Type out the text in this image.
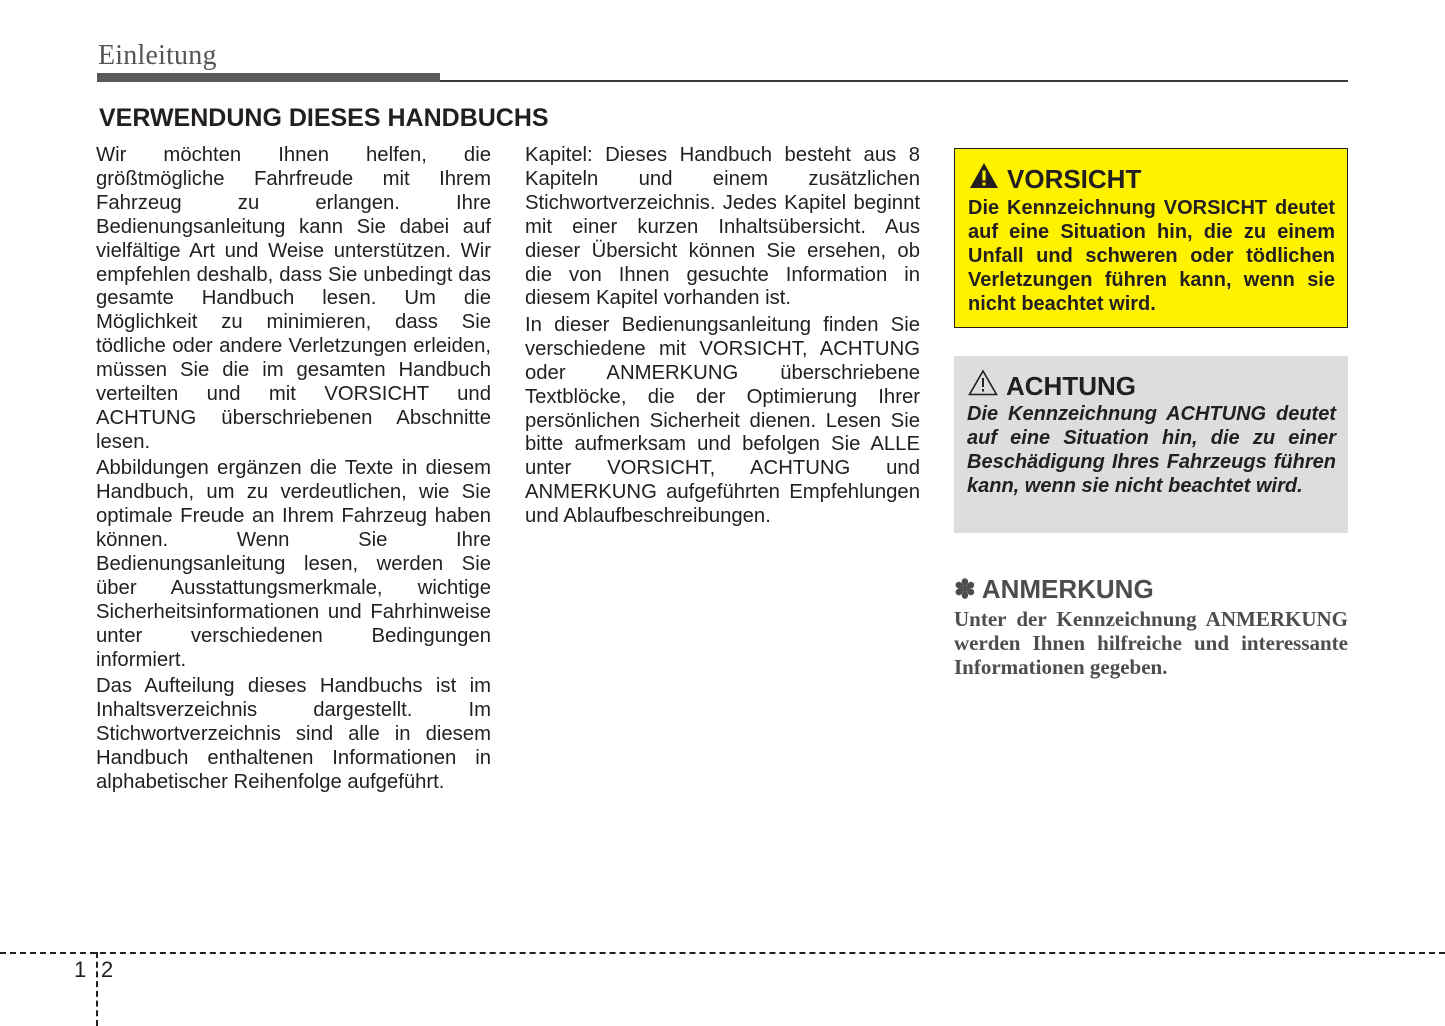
Einleitung
VERWENDUNG DIESES HANDBUCHS

Wir möchten Ihnen helfen, die größtmögliche Fahrfreude mit Ihrem Fahrzeug zu erlangen. Ihre Bedienungsanleitung kann Sie dabei auf vielfältige Art und Weise unterstützen. Wir empfehlen deshalb, dass Sie unbedingt das gesamte Handbuch lesen. Um die Möglichkeit zu minimieren, dass Sie tödliche oder andere Verletzungen erleiden, müssen Sie die im gesamten Handbuch verteilten und mit VORSICHT und ACHTUNG überschriebenen Abschnitte lesen.

Abbildungen ergänzen die Texte in diesem Handbuch, um zu verdeutlichen, wie Sie optimale Freude an Ihrem Fahrzeug haben können. Wenn Sie Ihre Bedienungsanleitung lesen, werden Sie über Ausstattungsmerkmale, wichtige Sicherheitsinformationen und Fahrhinweise unter verschiedenen Bedingungen informiert.

Das Aufteilung dieses Handbuchs ist im Inhaltsverzeichnis dargestellt. Im Stichwortverzeichnis sind alle in diesem Handbuch enthaltenen Informationen in alphabetischer Reihenfolge aufgeführt.

Kapitel: Dieses Handbuch besteht aus 8 Kapiteln und einem zusätzlichen Stichwortverzeichnis. Jedes Kapitel beginnt mit einer kurzen Inhaltsübersicht. Aus dieser Übersicht können Sie ersehen, ob die von Ihnen gesuchte Information in diesem Kapitel vorhanden ist.

In dieser Bedienungsanleitung finden Sie verschiedene mit VORSICHT, ACHTUNG oder ANMERKUNG überschriebene Textblöcke, die der Optimierung Ihrer persönlichen Sicherheit dienen. Lesen Sie bitte aufmerksam und befolgen Sie ALLE unter VORSICHT, ACHTUNG und ANMERKUNG aufgeführten Empfehlungen und Ablaufbeschreibungen.

VORSICHT
Die Kennzeichnung VORSICHT deutet auf eine Situation hin, die zu einem Unfall und schweren oder tödlichen Verletzungen führen kann, wenn sie nicht beachtet wird.
ACHTUNG
Die Kennzeichnung ACHTUNG deutet auf eine Situation hin, die zu einer Beschädigung Ihres Fahrzeugs führen kann, wenn sie nicht beachtet wird.
✽ ANMERKUNG
Unter der Kennzeichnung ANMERKUNG werden Ihnen hilfreiche und interessante Informationen gegeben.
1 2
